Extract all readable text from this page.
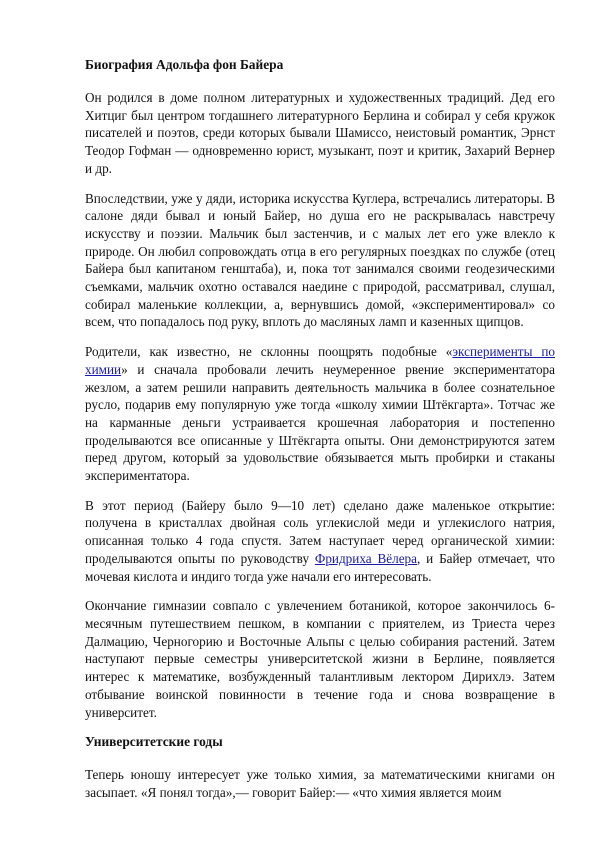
Биография Адольфа фон Байера

Он родился в доме полном литературных и художественных традиций. Дед его Хитциг был центром тогдашнего литературного Берлина и собирал у себя кружок писателей и поэтов, среди которых бывали Шамиссо, неистовый романтик, Эрнст Теодор Гофман — одновременно юрист, музыкант, поэт и критик, Захарий Вернер и др.

Впоследствии, уже у дяди, историка искусства Куглера, встречались литераторы. В салоне дяди бывал и юный Байер, но душа его не раскрывалась навстречу искусству и поэзии. Мальчик был застенчив, и с малых лет его уже влекло к природе. Он любил сопровождать отца в его регулярных поездках по службе (отец Байера был капитаном генштаба), и, пока тот занимался своими геодезическими съемками, мальчик охотно оставался наедине с природой, рассматривал, слушал, собирал маленькие коллекции, а, вернувшись домой, «экспериментировал» со всем, что попадалось под руку, вплоть до масляных ламп и казенных щипцов.

Родители, как известно, не склонны поощрять подобные «эксперименты по химии» и сначала пробовали лечить неумеренное рвение экспериментатора жезлом, а затем решили направить деятельность мальчика в более сознательное русло, подарив ему популярную уже тогда «школу химии Штёкгарта». Тотчас же на карманные деньги устраивается крошечная лаборатория и постепенно проделываются все описанные у Штёкгарта опыты. Они демонстрируются затем перед другом, который за удовольствие обязывается мыть пробирки и стаканы экспериментатора.

В этот период (Байеру было 9—10 лет) сделано даже маленькое открытие: получена в кристаллах двойная соль углекислой меди и углекислого натрия, описанная только 4 года спустя. Затем наступает черед органической химии: проделываются опыты по руководству Фридриха Вёлера, и Байер отмечает, что мочевая кислота и индиго тогда уже начали его интересовать.

Окончание гимназии совпало с увлечением ботаникой, которое закончилось 6-месячным путешествием пешком, в компании с приятелем, из Триеста через Далмацию, Черногорию и Восточные Альпы с целью собирания растений. Затем наступают первые семестры университетской жизни в Берлине, появляется интерес к математике, возбужденный талантливым лектором Дирихлэ. Затем отбывание воинской повинности в течение года и снова возвращение в университет.

Университетские годы

Теперь юношу интересует уже только химия, за математическими книгами он засыпает. «Я понял тогда»,— говорит Байер:— «что химия является моим
